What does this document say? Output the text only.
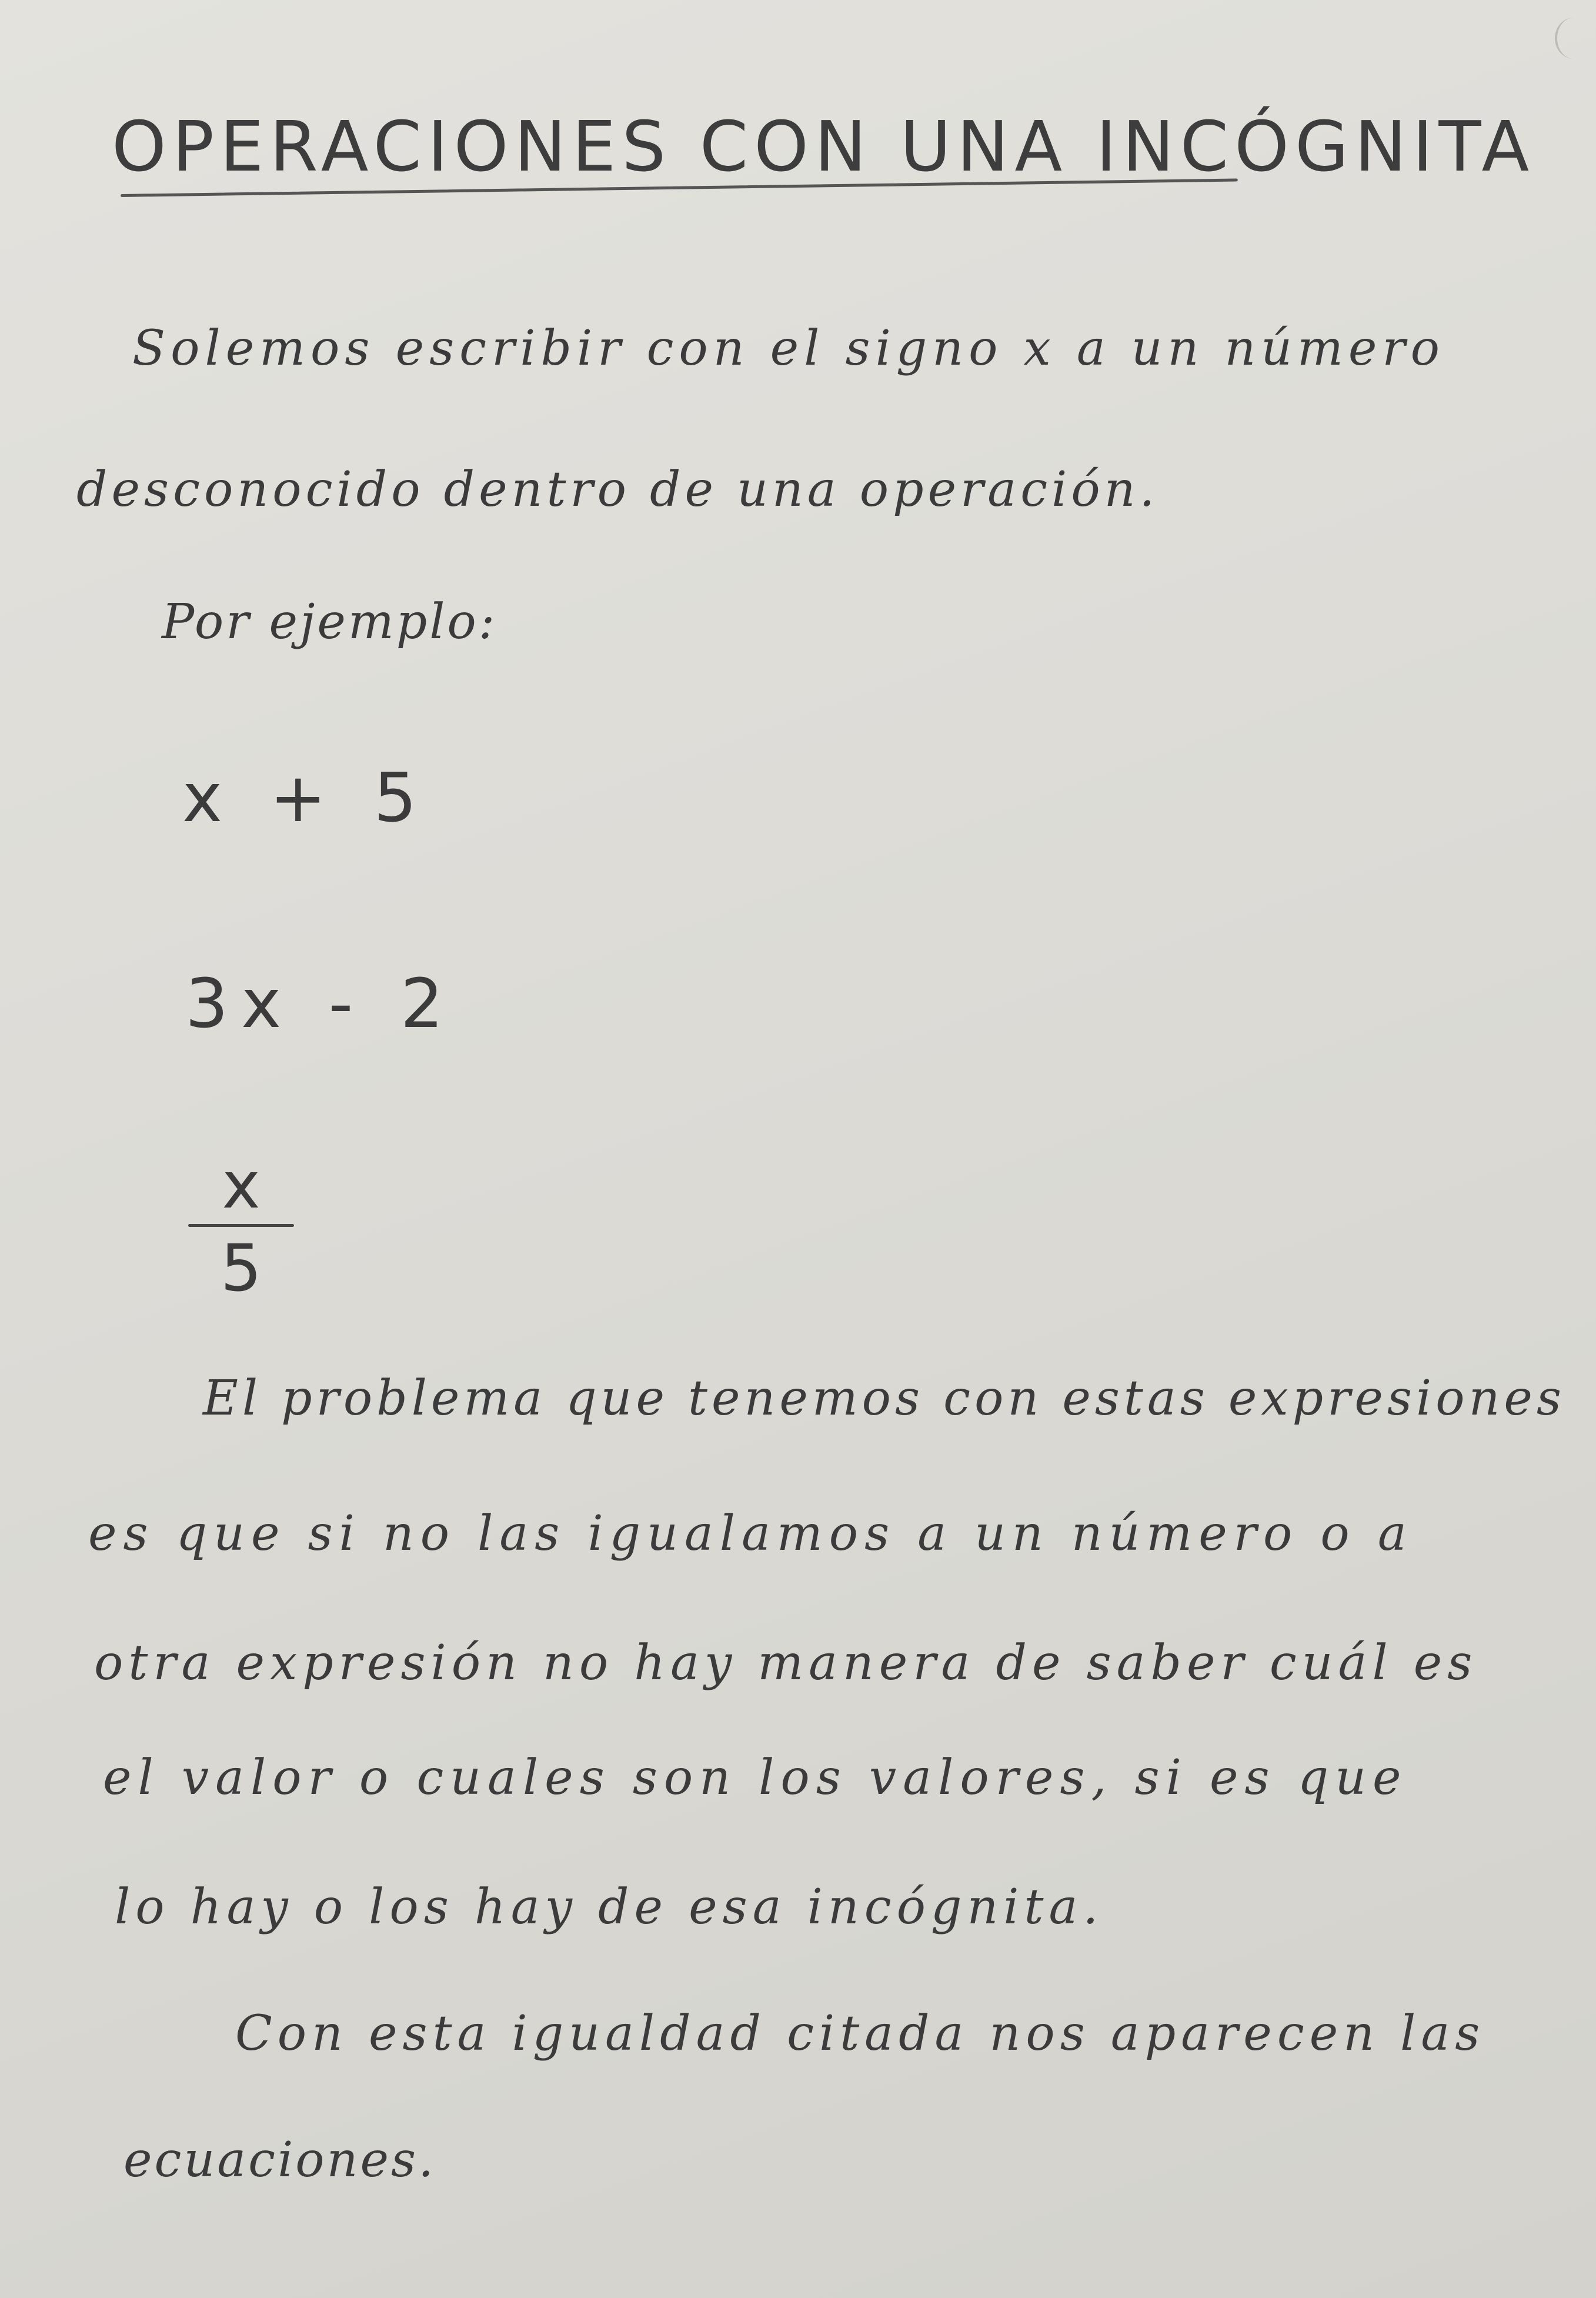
OPERACIONES CON UNA INCÓGNITA
Solemos escribir con el signo x a un número
desconocido dentro de una operación.
Por ejemplo:
x + 5
3x - 2
x
5
El problema que tenemos con estas expresiones
es que si no las igualamos a un número o a
otra expresión no hay manera de saber cuál es
el valor o cuales son los valores, si es que
lo hay o los hay de esa incógnita.
Con esta igualdad citada nos aparecen las
ecuaciones.
